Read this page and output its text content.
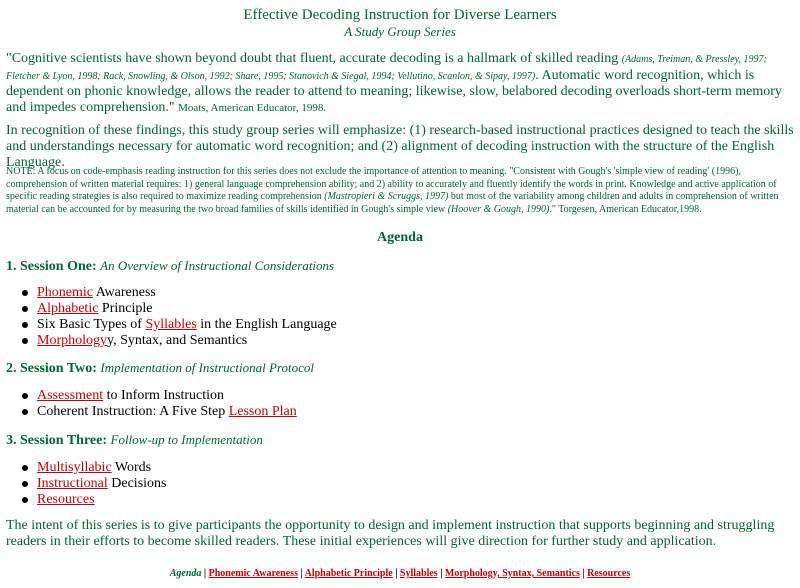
Effective Decoding Instruction for Diverse Learners
A Study Group Series
"Cognitive scientists have shown beyond doubt that fluent, accurate decoding is a hallmark of skilled reading (Adams, Treiman, & Pressley, 1997; Fletcher & Lyon, 1998; Rack, Snowling, & Olson, 1992; Share, 1995; Stanovich & Siegal, 1994; Vellutino, Scanlon, & Sipay, 1997). Automatic word recognition, which is dependent on phonic knowledge, allows the reader to attend to meaning; likewise, slow, belabored decoding overloads short-term memory and impedes comprehension." Moats, American Educator, 1998.
In recognition of these findings, this study group series will emphasize: (1) research-based instructional practices designed to teach the skills and understandings necessary for automatic word recognition; and (2) alignment of decoding instruction with the structure of the English Language.
NOTE: A focus on code-emphasis reading instruction for this series does not exclude the importance of attention to meaning. "Consistent with Gough's 'simple view of reading' (1996), comprehension of written material requires: 1) general language comprehension ability; and 2) ability to accurately and fluently identify the words in print. Knowledge and active application of specific reading strategies is also required to maximize reading comprehension (Mastropieri & Scruggs, 1997) but most of the variability among children and adults in comprehension of written material can be accounted for by measuring the two broad families of skills identified in Gough's simple view (Hoover & Gough, 1990)." Torgesen, American Educator,1998.
Agenda
1. Session One: An Overview of Instructional Considerations
Phonemic Awareness
Alphabetic Principle
Six Basic Types of Syllables in the English Language
Morphologyy, Syntax, and Semantics
2. Session Two: Implementation of Instructional Protocol
Assessment to Inform Instruction
Coherent Instruction: A Five Step Lesson Plan
3. Session Three: Follow-up to Implementation
Multisyllabic Words
Instructional Decisions
Resources
The intent of this series is to give participants the opportunity to design and implement instruction that supports beginning and struggling readers in their efforts to become skilled readers. These initial experiences will give direction for further study and application.
Agenda | Phonemic Awareness | Alphabetic Principle | Syllables | Morphology, Syntax, Semantics | Resources
